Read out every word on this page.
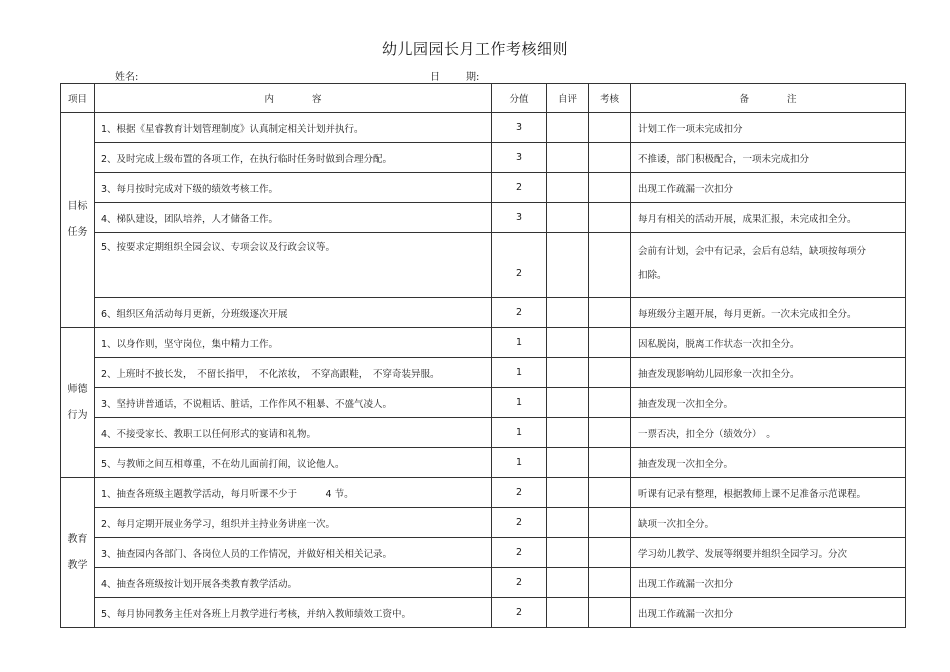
幼儿园园长月工作考核细则
姓名:	日	期:
项目	内　　　　容	分值	自评	考核	备　　　　注
目标
任务	1、根据《星睿教育计划管理制度》认真制定相关计划并执行。	3			计划工作一项未完成扣分
	2、及时完成上级布置的各项工作，在执行临时任务时做到合理分配。	3			不推诿，部门积极配合，一项未完成扣分
	3、每月按时完成对下级的绩效考核工作。	2			出现工作疏漏一次扣分
	4、梯队建设，团队培养，人才储备工作。	3			每月有相关的活动开展，成果汇报，未完成扣全分。
	5、按要求定期组织全园会议、专项会议及行政会议等。	2			会前有计划，会中有记录，会后有总结，缺项按每项分
扣除。

	6、组织区角活动每月更新，分班级逐次开展	2			每班级分主题开展，每月更新。一次未完成扣全分。
师德
行为	1、以身作则，坚守岗位，集中精力工作。	1			因私脱岗，脱离工作状态一次扣全分。
	2、上班时不披长发，　不留长指甲，　不化浓妆，　不穿高跟鞋，　不穿奇装异服。	1			抽查发现影响幼儿园形象一次扣全分。
	3、坚持讲普通话，不说粗话、脏话，工作作风不粗暴、不盛气凌人。	1			抽查发现一次扣全分。
	4、不接受家长、教职工以任何形式的宴请和礼物。	1			一票否决，扣全分（绩效分）　。
	5、与教师之间互相尊重，不在幼儿面前打闹，议论他人。	1			抽查发现一次扣全分。
教育
教学	1、抽查各班级主题教学活动，每月听课不少于　　　4 节。	2			听课有记录有整理，根据教师上课不足准备示范课程。
	2、每月定期开展业务学习，组织并主持业务讲座一次。	2			缺项一次扣全分。
	3、抽查园内各部门、各岗位人员的工作情况，并做好相关相关记录。	2			学习幼儿教学、发展等纲要并组织全园学习。分次
	4、抽查各班级按计划开展各类教育教学活动。	2			出现工作疏漏一次扣分
	5、每月协同教务主任对各班上月教学进行考核，并纳入教师绩效工资中。	2			出现工作疏漏一次扣分
